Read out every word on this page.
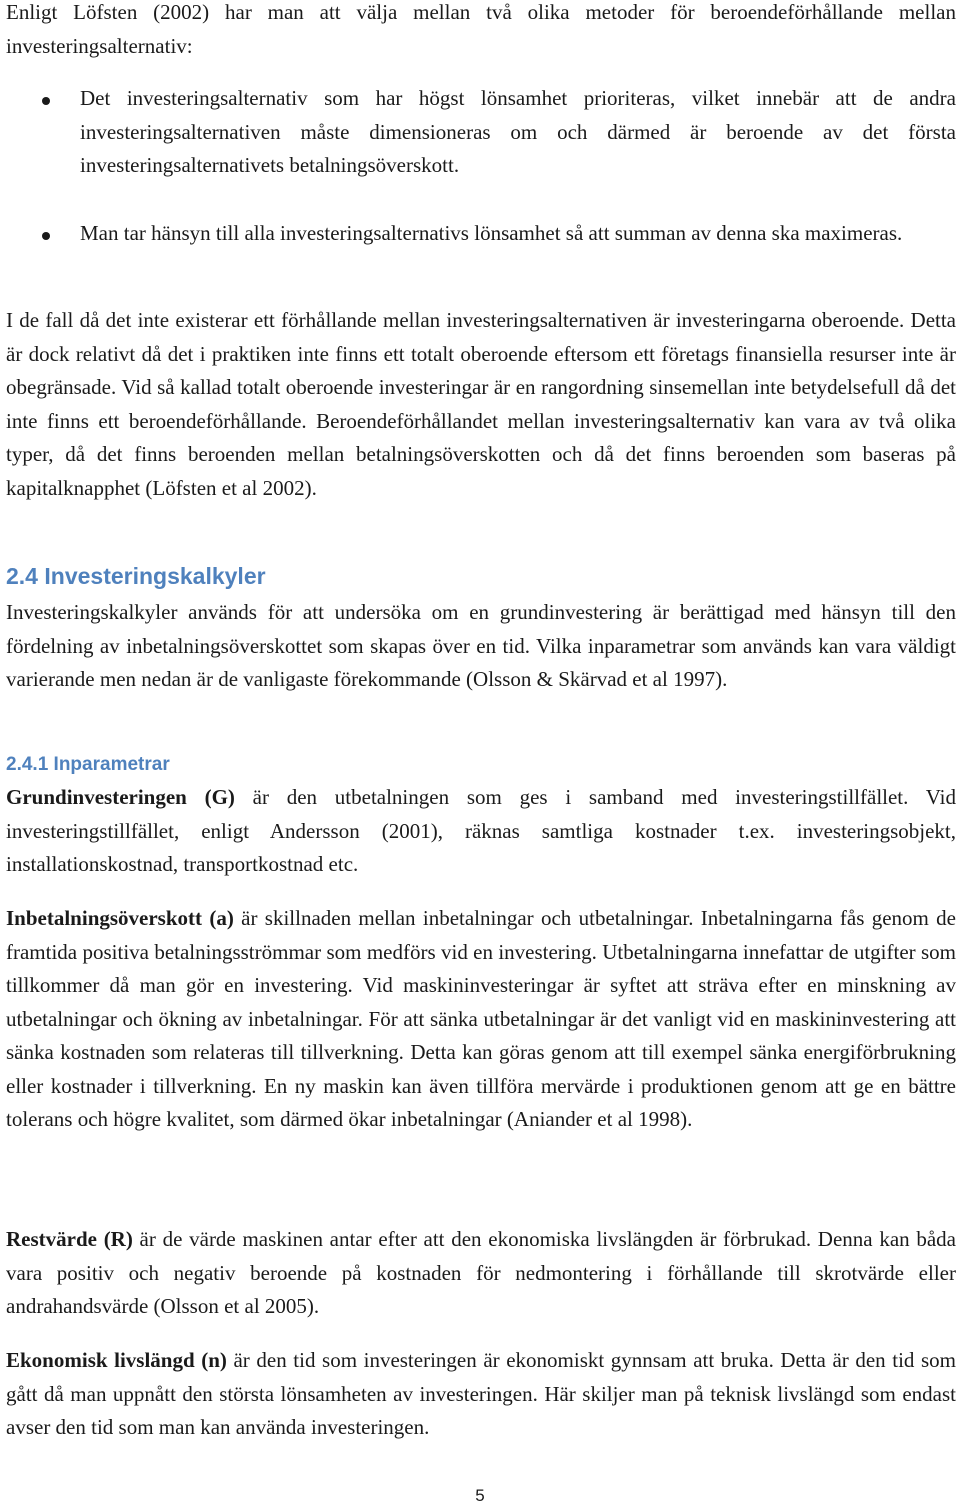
Enligt Löfsten (2002) har man att välja mellan två olika metoder för beroendeförhållande mellan investeringsalternativ:

Det investeringsalternativ som har högst lönsamhet prioriteras, vilket innebär att de andra investeringsalternativen måste dimensioneras om och därmed är beroende av det första investeringsalternativets betalningsöverskott.

Man tar hänsyn till alla investeringsalternativs lönsamhet så att summan av denna ska maximeras.

I de fall då det inte existerar ett förhållande mellan investeringsalternativen är investeringarna oberoende. Detta är dock relativt då det i praktiken inte finns ett totalt oberoende eftersom ett företags finansiella resurser inte är obegränsade. Vid så kallad totalt oberoende investeringar är en rangordning sinsemellan inte betydelsefull då det inte finns ett beroendeförhållande. Beroendeförhållandet mellan investeringsalternativ kan vara av två olika typer, då det finns beroenden mellan betalningsöverskotten och då det finns beroenden som baseras på kapitalknapphet (Löfsten et al 2002).

2.4 Investeringskalkyler

Investeringskalkyler används för att undersöka om en grundinvestering är berättigad med hänsyn till den fördelning av inbetalningsöverskottet som skapas över en tid. Vilka inparametrar som används kan vara väldigt varierande men nedan är de vanligaste förekommande (Olsson & Skärvad et al 1997).

2.4.1 Inparametrar

Grundinvesteringen (G) är den utbetalningen som ges i samband med investeringstillfället. Vid investeringstillfället, enligt Andersson (2001), räknas samtliga kostnader t.ex. investeringsobjekt, installationskostnad, transportkostnad etc.

Inbetalningsöverskott (a) är skillnaden mellan inbetalningar och utbetalningar. Inbetalningarna fås genom de framtida positiva betalningsströmmar som medförs vid en investering. Utbetalningarna innefattar de utgifter som tillkommer då man gör en investering. Vid maskininvesteringar är syftet att sträva efter en minskning av utbetalningar och ökning av inbetalningar. För att sänka utbetalningar är det vanligt vid en maskininvestering att sänka kostnaden som relateras till tillverkning. Detta kan göras genom att till exempel sänka energiförbrukning eller kostnader i tillverkning. En ny maskin kan även tillföra mervärde i produktionen genom att ge en bättre tolerans och högre kvalitet, som därmed ökar inbetalningar (Aniander et al 1998).

Restvärde (R) är de värde maskinen antar efter att den ekonomiska livslängden är förbrukad. Denna kan båda vara positiv och negativ beroende på kostnaden för nedmontering i förhållande till skrotvärde eller andrahandsvärde (Olsson et al 2005).

Ekonomisk livslängd (n) är den tid som investeringen är ekonomiskt gynnsam att bruka. Detta är den tid som gått då man uppnått den största lönsamheten av investeringen. Här skiljer man på teknisk livslängd som endast avser den tid som man kan använda investeringen.

5
